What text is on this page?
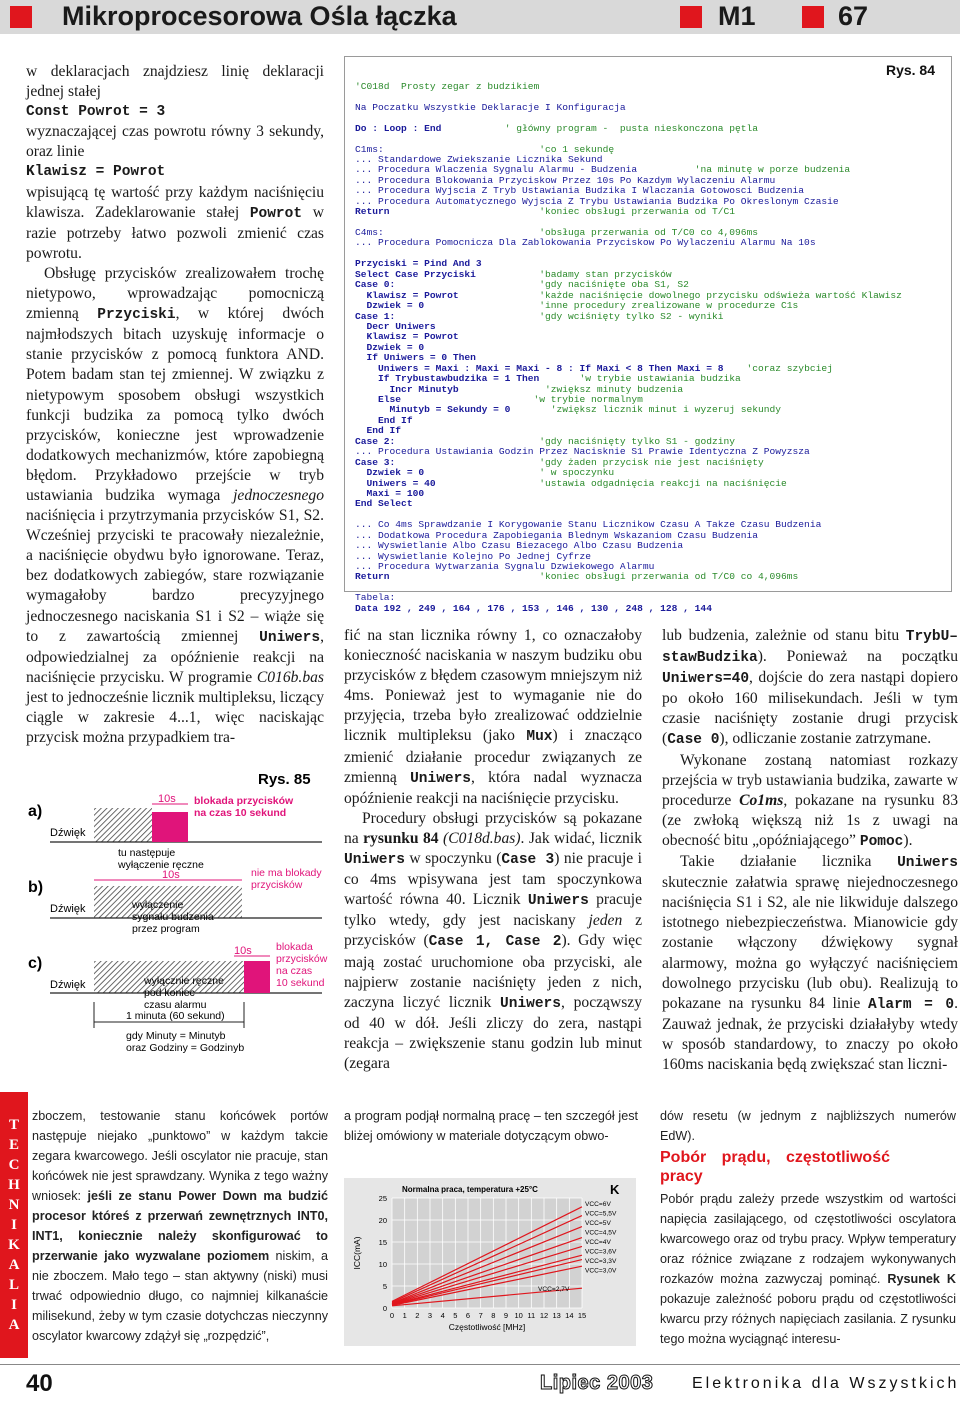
Mikroprocesorowa Ośla łączka	M1	67

w deklaracjach znajdziesz linię deklaracji jednej stałej
Const Powrot = 3
wyznaczającej czas powrotu równy 3 sekundy, oraz linie
Klawisz = Powrot
wpisującą tę wartość przy każdym naciśnięciu klawisza. Zadeklarowanie stałej Powrot w razie potrzeby łatwo pozwoli zmienić czas powrotu.

Obsługę przycisków zrealizowałem trochę nietypowo, wprowadzając pomocniczą zmienną Przyciski, w której dwóch najmłodszych bitach uzyskuję informacje o stanie przycisków z pomocą funktora AND. Potem badam stan tej zmiennej. W związku z nietypowym sposobem obsługi wszystkich funkcji budzika za pomocą tylko dwóch przycisków, konieczne jest wprowadzenie dodatkowych mechanizmów, które zapobiegną błędom. Przykładowo przejście w tryb ustawiania budzika wymaga jednoczesnego naciśnięcia i przytrzymania przycisków S1, S2. Wcześniej przyciski te pracowały niezależnie, a naciśnięcie obydwu było ignorowane. Teraz, bez dodatkowych zabiegów, stare rozwiązanie wymagałoby bardzo precyzyjnego jednoczesnego naciskania S1 i S2 – wiąże się to z zawartością zmiennej Uniwers, odpowiedzialnej za opóźnienie reakcji na naciśnięcie przycisku. W programie C016b.bas jest to jednocześnie licznik multipleksu, liczący ciągle w zakresie 4...1, więc naciskając przycisk można przypadkiem tra-

Rys. 84

'C018d  Prosty zegar z budzikiem
Na Poczatku Wszystkie Deklaracje I Konfiguracja
Do : Loop : End           ' główny program -  pusta nieskonczona pętla
C1ms:                           'co 1 sekundę
... Standardowe Zwiekszanie Licznika Sekund
... Procedura Wlaczenia Sygnalu Alarmu - Budzenia          'na minutę w porze budzenia
... Procedura Blokowania Przyciskow Przez 10s Po Kazdym Wylaczeniu Alarmu
... Procedura Wyjscia Z Tryb Ustawiania Budzika I Wlaczania Gotowosci Budzenia
... Procedura Automatycznego Wyjscia Z Trybu Ustawiania Budzika Po Okreslonym Czasie
Return                          'koniec obsługi przerwania od T/C1
C4ms:                           'obsługa przerwania od T/C0 co 4,096ms
... Procedura Pomocnicza Dla Zablokowania Przyciskow Po Wylaczeniu Alarmu Na 10s
Przyciski = Pind And 3
Select Case Przyciski           'badamy stan przycisków
Case 0:                         'gdy naciśnięte oba S1, S2
Klawisz = Powrot              'każde naciśnięcie dowolnego przycisku odświeża wartość Klawisz
Dzwiek = 0                    'inne procedury zrealizowane w procedurze C1s
Case 1:                         'gdy wciśnięty tylko S2 - wyniki
Decr Uniwers
Klawisz = Powrot
Dzwiek = 0
If Uniwers = 0 Then
Uniwers = Maxi : Maxi = Maxi - 8 : If Maxi < 8 Then Maxi = 8    'coraz szybciej
If Trybustawbudzika = 1 Then       'w trybie ustawiania budzika
Incr Minutyb               'zwiększ minuty budzenia
Else                       'w trybie normalnym
Minutyb = Sekundy = 0       'zwiększ licznik minut i wyzeruj sekundy
End If
End If
Case 2:                         'gdy naciśnięty tylko S1 - godziny
... Procedura Ustawiania Godzin Przez Nacisknie S1 Prawie Identyczna Z Powyzsza
Case 3:                         'gdy żaden przycisk nie jest naciśnięty
Dzwiek = 0                    ' w spoczynku
Uniwers = 40                  'ustawia odgadnięcia reakcji na naciśnięcie
Maxi = 100
End Select
... Co 4ms Sprawdzanie I Korygowanie Stanu Licznikow Czasu A Takze Czasu Budzenia
... Dodatkowa Procedura Zapobiegania Blednym Wskazaniom Czasu Budzenia
... Wyswietlanie Albo Czasu Biezacego Albo Czasu Budzenia
... Wyswietlanie Kolejno Po Jednej Cyfrze
... Procedura Wytwarzania Sygnalu Dzwiekowego Alarmu
Return                          'koniec obsługi przerwania od T/C0 co 4,096ms
Tabela:
Data 192 , 249 , 164 , 176 , 153 , 146 , 130 , 248 , 128 , 144
Rys. 85
a)
b)
c)
Dźwięk
Dźwięk
Dźwięk
10s blokada przycisków na czas 10 sekund
tu następuje wyłączenie ręczne
10s	nie ma blokady przycisków
wyłączenie sygnału budzenia przez program
10s blokada przycisków na czas 10 sekund
wyłącznie ręczne pod koniec czasu alarmu
1 minuta (60 sekund)
gdy Minuty = Minutyb oraz Godziny = Godzinyb

fić na stan licznika równy 1, co oznaczałoby konieczność naciskania w naszym budziku obu przycisków z błędem czasowym mniejszym niż 4ms. Ponieważ jest to wymaganie nie do przyjęcia, trzeba było zrealizować oddzielnie licznik multipleksu (jako Mux) i znacząco zmienić działanie procedur związanych ze zmienną Uniwers, która nadal wyznacza opóźnienie reakcji na naciśnięcie przycisku.

Procedury obsługi przycisków są pokazane na rysunku 84 (C018d.bas). Jak widać, licznik Uniwers w spoczynku (Case 3) nie pracuje i co 4ms wpisywana jest tam spoczynkowa wartość równa 40. Licznik Uniwers pracuje tylko wtedy, gdy jest naciskany jeden z przycisków (Case 1, Case 2). Gdy więc mają zostać uruchomione oba przyciski, ale najpierw zostanie naciśnięty jeden z nich, zaczyna liczyć licznik Uniwers, począwszy od 40 w dół. Jeśli zliczy do zera, nastąpi reakcja – zwiększenie stanu godzin lub minut (zegara

lub budzenia, zależnie od stanu bitu TrybU–stawBudzika). Ponieważ na początku Uniwers=40, dojście do zera nastąpi dopiero po około 160 milisekundach. Jeśli w tym czasie naciśnięty zostanie drugi przycisk (Case 0), odliczanie zostanie zatrzymane.

Wykonane zostaną natomiast rozkazy przejścia w tryb ustawiania budzika, zawarte w procedurze Co1ms, pokazane na rysunku 83 (ze zwłoką większą niż 1s z uwagi na obecność bitu „opóźniającego” Pomoc).

Takie działanie licznika Uniwers skutecznie załatwia sprawę niejednoczesnego naciśnięcia S1 i S2, ale nie likwiduje dalszego istotnego niebezpieczeństwa. Mianowicie gdy zostanie włączony dźwiękowy sygnał alarmowy, można go wyłączyć naciśnięciem dowolnego przycisku (lub obu). Realizują to pokazane na rysunku 84 linie Alarm = 0. Zauważ jednak, że przyciski działałyby wtedy w sposób standardowy, to znaczy po około 160ms naciskania będą zwiększać stan liczni-

T
E
C
H
N
I
K
A
L
I
A
zboczem, testowanie stanu końcówek portów następuje niejako „punktowo” w każdym takcie zegara kwarcowego. Jeśli oscylator nie pracuje, stan końcówek nie jest sprawdzany. Wynika z tego ważny wniosek: jeśli ze stanu Power Down ma budzić procesor któreś z przerwań zewnętrznych INT0, INT1, koniecznie należy skonfigurować to przerwanie jako wyzwalane poziomem niskim, a nie zboczem. Mało tego – stan aktywny (niski) musi trwać odpowiednio długo, co najmniej kilkanaście milisekund, żeby w tym czasie dotychczas nieczynny oscylator kwarcowy zdążył się „rozpędzić”,
a program podjął normalną pracę – ten szczegół jest bliżej omówiony w materiale dotyczącym obwo-
0 1 2 3 4 5 6 7 8 9 10 11 12 13 14 15
0
5
10
15
20
25
Normalna praca, temperatura +25°C	K
Częstotliwość [MHz]
ICC(mA)
VCC=6V
VCC=5,5V
VCC=5V
VCC=4,5V
VCC=4V
VCC=3,6V
VCC=3,3V
VCC=3,0V
VCC=2,7V
dów resetu (w jednym z najbliższych numerów EdW).
Pobór prądu, częstotliwość pracy
Pobór prądu zależy przede wszystkim od wartości napięcia zasilającego, od częstotliwości oscylatora kwarcowego oraz od trybu pracy. Wpływ temperatury oraz różnice związane z rodzajem wykonywanych rozkazów można zazwyczaj pominąć. Rysunek K pokazuje zależność poboru prądu od częstotliwości kwarcu przy różnych napięciach zasilania. Z rysunku tego można wyciągnąć interesu-
40	Lipiec 2003 Elektronika dla Wszystkich
